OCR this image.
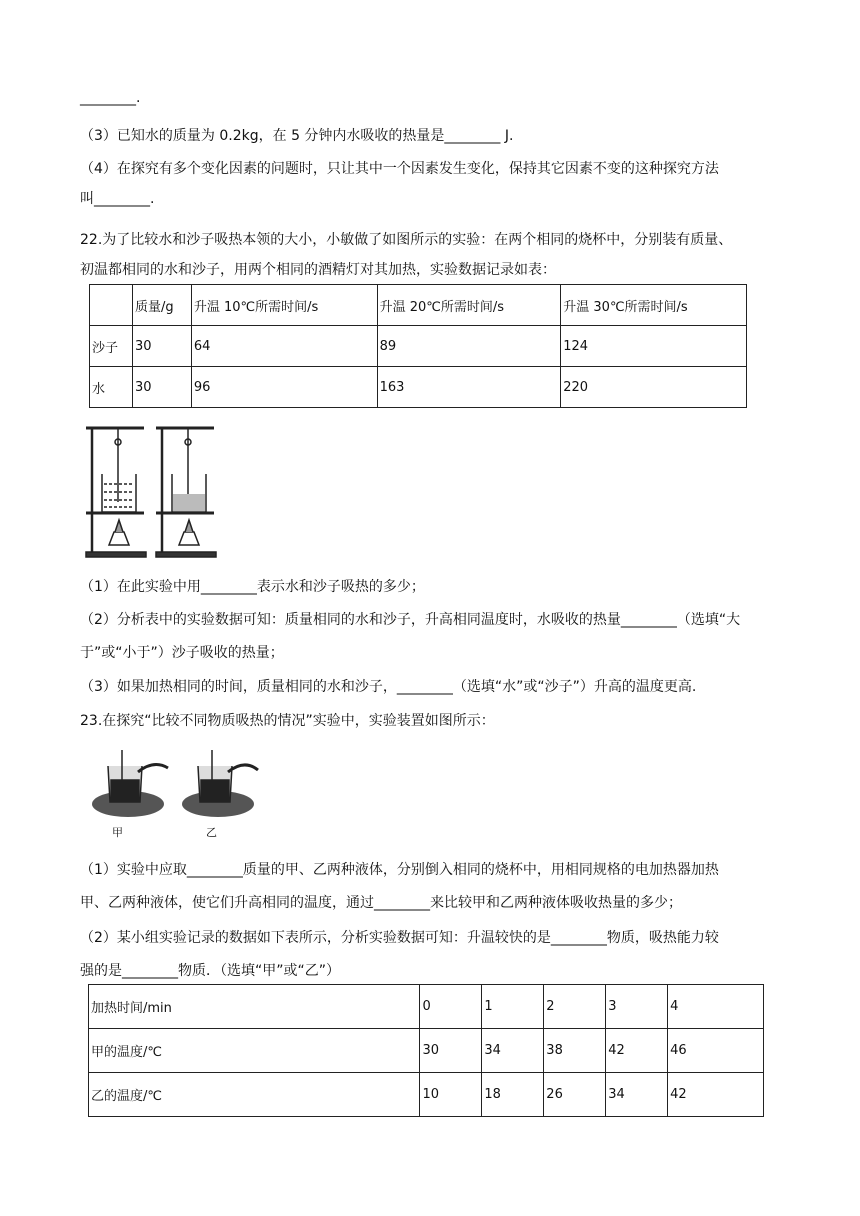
________.
（3）已知水的质量为 0.2kg，在 5 分钟内水吸收的热量是________ J.
（4）在探究有多个变化因素的问题时，只让其中一个因素发生变化，保持其它因素不变的这种探究方法
叫________.
22.为了比较水和沙子吸热本领的大小，小敏做了如图所示的实验：在两个相同的烧杯中，分别装有质量、
初温都相同的水和沙子，用两个相同的酒精灯对其加热，实验数据记录如表：
	质量/g	升温 10℃所需时间/s	升温 20℃所需时间/s	升温 30℃所需时间/s
沙子	30	64	89	124
水	30	96	163	220
（1）在此实验中用________表示水和沙子吸热的多少；
（2）分析表中的实验数据可知：质量相同的水和沙子，升高相同温度时，水吸收的热量________（选填“大
于”或“小于”）沙子吸收的热量；
（3）如果加热相同的时间，质量相同的水和沙子，________（选填“水”或“沙子”）升高的温度更高.
23.在探究“比较不同物质吸热的情况”实验中，实验装置如图所示：
甲	乙
（1）实验中应取________质量的甲、乙两种液体，分别倒入相同的烧杯中，用相同规格的电加热器加热
甲、乙两种液体，使它们升高相同的温度，通过________来比较甲和乙两种液体吸收热量的多少；
（2）某小组实验记录的数据如下表所示，分析实验数据可知：升温较快的是________物质，吸热能力较
强的是________物质．（选填“甲”或“乙”）
加热时间/min	0	1	2	3	4
甲的温度/℃	30	34	38	42	46
乙的温度/℃	10	18	26	34	42
